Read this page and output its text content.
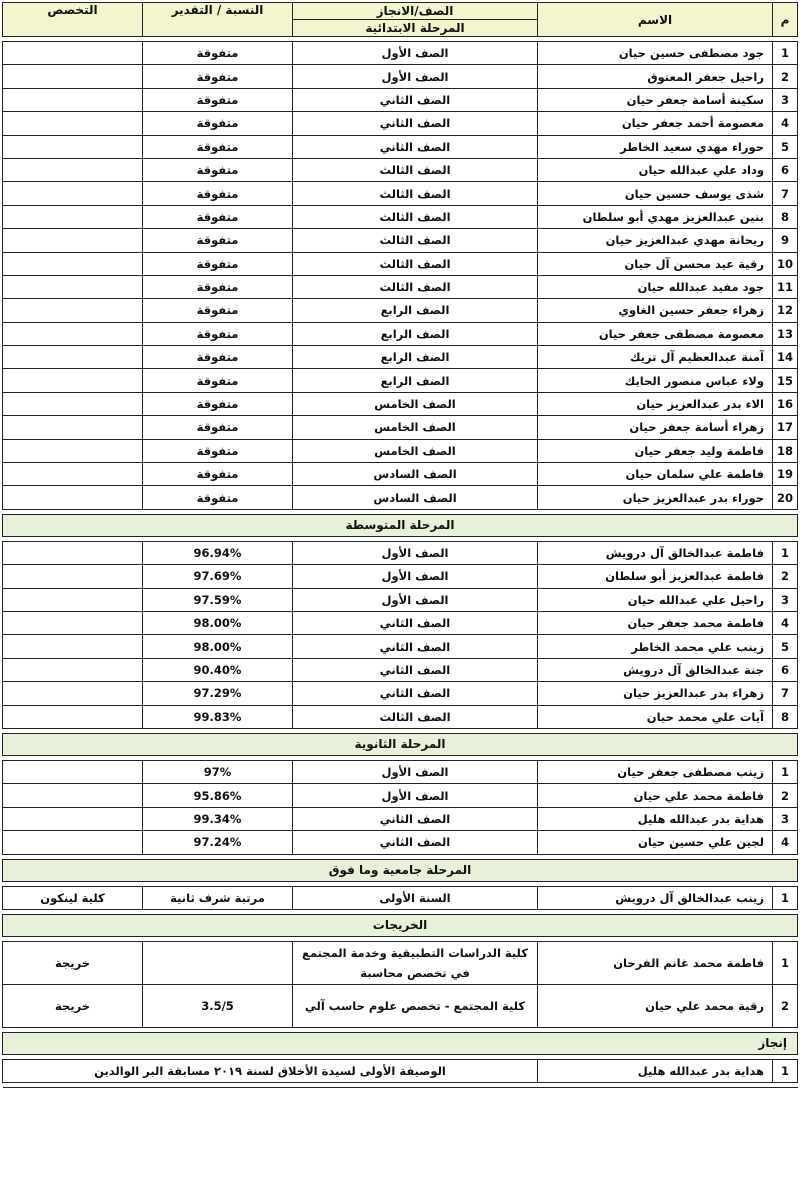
م	الاسم	الصف/الانجاز	النسبة / التقدير	التخصص
		المرحلة الابتدائية		

1	جود مصطفى حسين حيان	الصف الأول	متفوقة	
2	راحيل جعفر المعتوق	الصف الأول	متفوقة	
3	سكينة أسامة جعفر حيان	الصف الثاني	متفوقة	
4	معصومة أحمد جعفر حيان	الصف الثاني	متفوقة	
5	حوراء مهدي سعيد الخاطر	الصف الثاني	متفوقة	
6	وداد علي عبدالله حيان	الصف الثالث	متفوقة	
7	شذى يوسف حسين حيان	الصف الثالث	متفوقة	
8	بنين عبدالعزيز مهدي أبو سلطان	الصف الثالث	متفوقة	
9	ريحانة مهدي عبدالعزيز حيان	الصف الثالث	متفوقة	
10	رقية عيد محسن آل حيان	الصف الثالث	متفوقة	
11	جود مفيد عبدالله حيان	الصف الثالث	متفوقة	
12	زهراء جعفر حسين الغاوي	الصف الرابع	متفوقة	
13	معصومة مصطفى جعفر حيان	الصف الرابع	متفوقة	
14	آمنة عبدالعظيم آل تريك	الصف الرابع	متفوقة	
15	ولاء عباس منصور الحايك	الصف الرابع	متفوقة	
16	الاء بدر عبدالعزيز حيان	الصف الخامس	متفوقة	
17	زهراء أسامة جعفر حيان	الصف الخامس	متفوقة	
18	فاطمة وليد جعفر حيان	الصف الخامس	متفوقة	
19	فاطمة علي سلمان حيان	الصف السادس	متفوقة	
20	حوراء بدر عبدالعزيز حيان	الصف السادس	متفوقة	

المرحلة المتوسطة				

1	فاطمة عبدالخالق آل درويش	الصف الأول	96.94%	
2	فاطمة عبدالعزيز أبو سلطان	الصف الأول	97.69%	
3	راحيل علي عبدالله حيان	الصف الأول	97.59%	
4	فاطمة محمد جعفر حيان	الصف الثاني	98.00%	
5	زينب علي محمد الخاطر	الصف الثاني	98.00%	
6	جنة عبدالخالق آل درويش	الصف الثاني	90.40%	
7	زهراء بدر عبدالعزيز حيان	الصف الثاني	97.29%	
8	آيات علي محمد حيان	الصف الثالث	99.83%	

المرحلة الثانوية				

1	زينب مصطفى جعفر حيان	الصف الأول	97%	
2	فاطمة محمد علي حيان	الصف الأول	95.86%	
3	هداية بدر عبدالله هليل	الصف الثاني	99.34%	
4	لجين علي حسين حيان	الصف الثاني	97.24%	

المرحلة جامعية وما فوق				

1	زينب عبدالخالق آل درويش	السنة الأولى	مرتبة شرف ثانية	كلية لينكون

الخريجات				

1	فاطمة محمد غانم الفرحان	كلية الدراسات التطبيقية وخدمة المجتمع في تخصص محاسبة		خريجة
2	رقية محمد علي حيان	كلية المجتمع - تخصص علوم حاسب آلي	3.5/5	خريجة

إنجاز				

1	هداية بدر عبدالله هليل	الوصيفة الأولى لسيدة الأخلاق لسنة ٢٠١٩ مسابقة البر الوالدين		
